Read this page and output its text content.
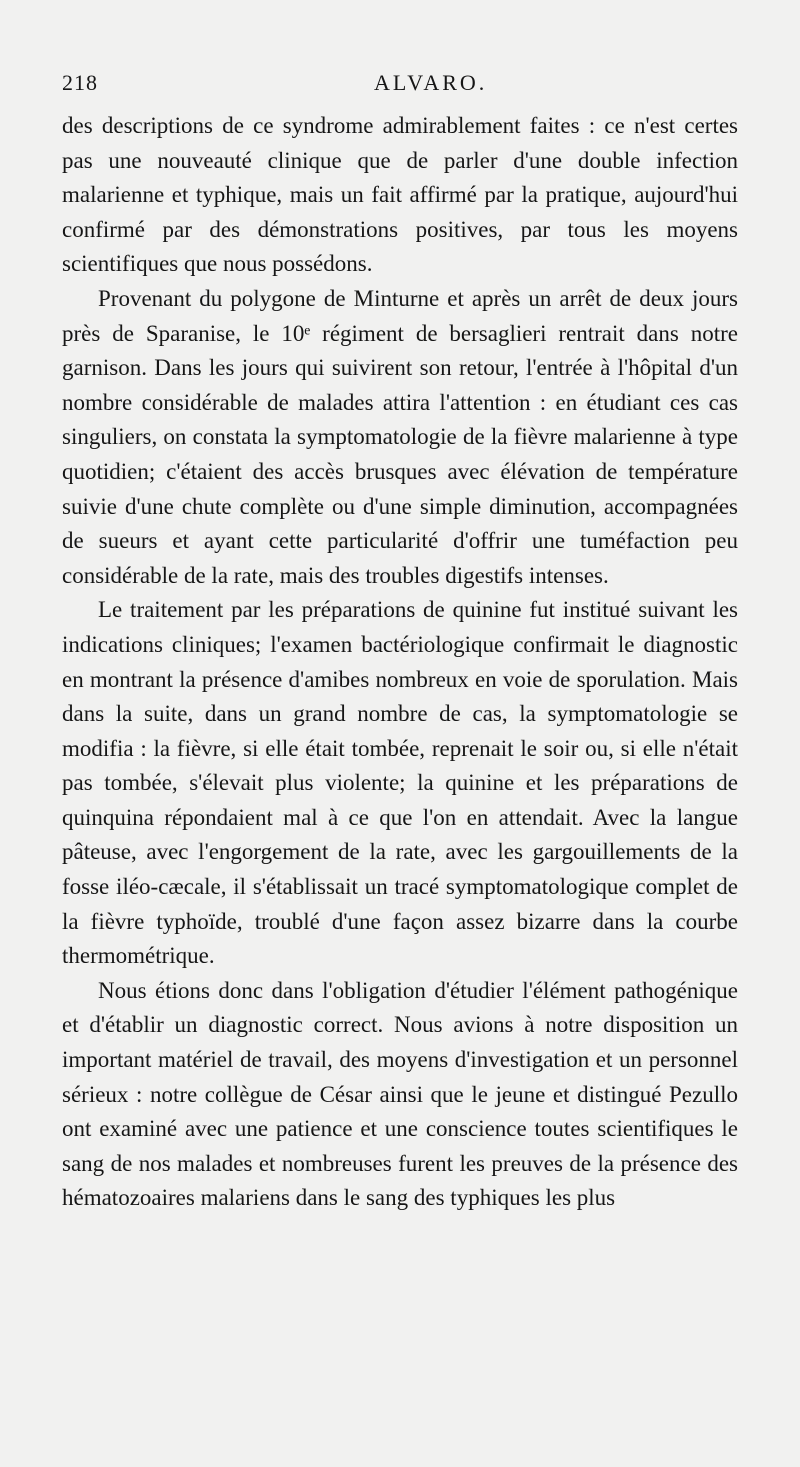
218	ALVARO.

des descriptions de ce syndrome admirablement faites : ce n'est certes pas une nouveauté clinique que de parler d'une double infection malarienne et typhique, mais un fait affirmé par la pratique, aujourd'hui confirmé par des démonstrations positives, par tous les moyens scientifiques que nous possédons.

Provenant du polygone de Minturne et après un arrêt de deux jours près de Sparanise, le 10ᵉ régiment de bersaglieri rentrait dans notre garnison. Dans les jours qui suivirent son retour, l'entrée à l'hôpital d'un nombre considérable de malades attira l'attention : en étudiant ces cas singuliers, on constata la symptomatologie de la fièvre malarienne à type quotidien; c'étaient des accès brusques avec élévation de température suivie d'une chute complète ou d'une simple diminution, accompagnées de sueurs et ayant cette particularité d'offrir une tuméfaction peu considérable de la rate, mais des troubles digestifs intenses.

Le traitement par les préparations de quinine fut institué suivant les indications cliniques; l'examen bactériologique confirmait le diagnostic en montrant la présence d'amibes nombreux en voie de sporulation. Mais dans la suite, dans un grand nombre de cas, la symptomatologie se modifia : la fièvre, si elle était tombée, reprenait le soir ou, si elle n'était pas tombée, s'élevait plus violente; la quinine et les préparations de quinquina répondaient mal à ce que l'on en attendait. Avec la langue pâteuse, avec l'engorgement de la rate, avec les gargouillements de la fosse iléo-cæcale, il s'établissait un tracé symptomatologique complet de la fièvre typhoïde, troublé d'une façon assez bizarre dans la courbe thermométrique.

Nous étions donc dans l'obligation d'étudier l'élément pathogénique et d'établir un diagnostic correct. Nous avions à notre disposition un important matériel de travail, des moyens d'investigation et un personnel sérieux : notre collègue de César ainsi que le jeune et distingué Pezullo ont examiné avec une patience et une conscience toutes scientifiques le sang de nos malades et nombreuses furent les preuves de la présence des hématozoaires malariens dans le sang des typhiques les plus
